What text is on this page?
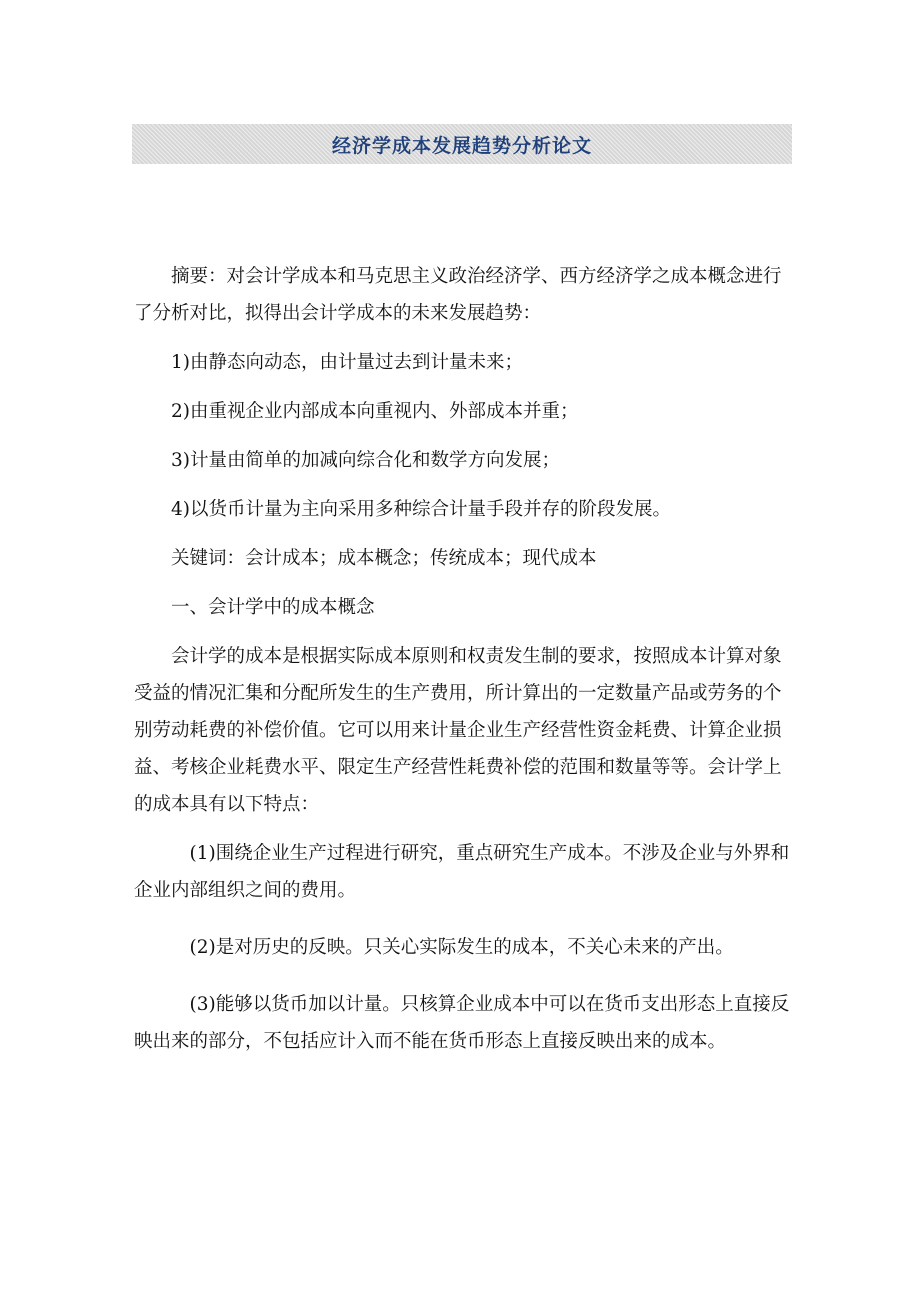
经济学成本发展趋势分析论文

摘要：对会计学成本和马克思主义政治经济学、西方经济学之成本概念进行了分析对比，拟得出会计学成本的未来发展趋势：

1)由静态向动态，由计量过去到计量未来；

2)由重视企业内部成本向重视内、外部成本并重；

3)计量由简单的加减向综合化和数学方向发展；

4)以货币计量为主向采用多种综合计量手段并存的阶段发展。

关键词：会计成本；成本概念；传统成本；现代成本

一、会计学中的成本概念

会计学的成本是根据实际成本原则和权责发生制的要求，按照成本计算对象受益的情况汇集和分配所发生的生产费用，所计算出的一定数量产品或劳务的个别劳动耗费的补偿价值。它可以用来计量企业生产经营性资金耗费、计算企业损益、考核企业耗费水平、限定生产经营性耗费补偿的范围和数量等等。会计学上的成本具有以下特点：

(1)围绕企业生产过程进行研究，重点研究生产成本。不涉及企业与外界和企业内部组织之间的费用。

(2)是对历史的反映。只关心实际发生的成本，不关心未来的产出。

(3)能够以货币加以计量。只核算企业成本中可以在货币支出形态上直接反映出来的部分，不包括应计入而不能在货币形态上直接反映出来的成本。
